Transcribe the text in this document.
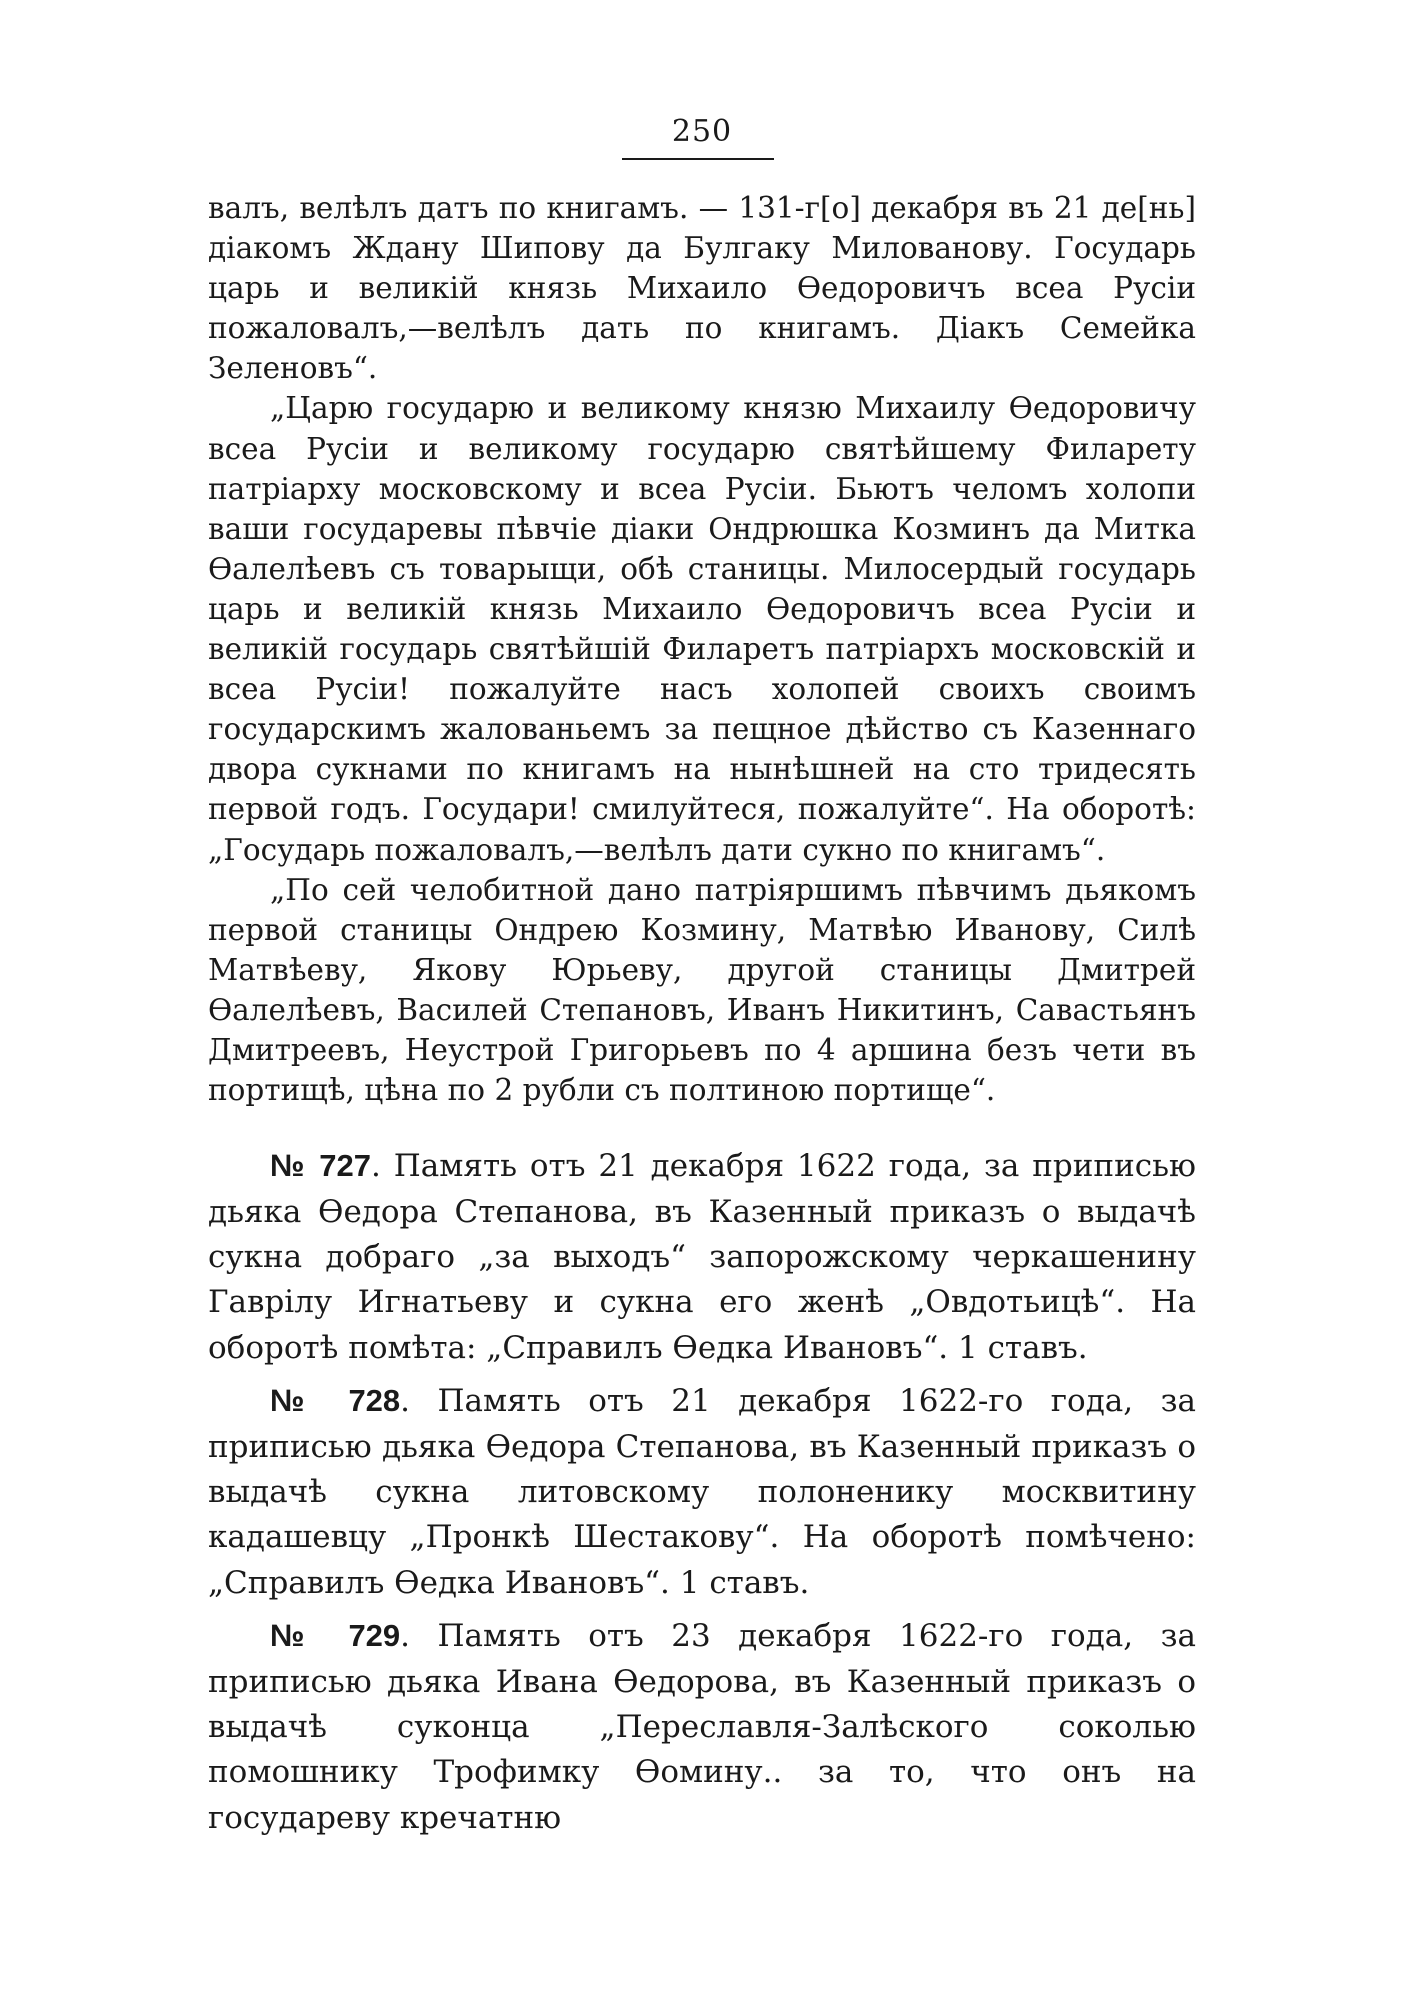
250

валъ, велѣлъ датъ по книгамъ. — 131-г[о] декабря въ 21 де[нь] діакомъ Ждану Шипову да Булгаку Милованову. Государь царь и великій князь Михаило Өедоровичъ всеа Русіи пожаловалъ,—велѣлъ дать по книгамъ. Діакъ Семейка Зеленовъ“.

„Царю государю и великому князю Михаилу Өедоровичу всеа Русіи и великому государю святѣйшему Филарету патріарху московскому и всеа Русіи. Бьютъ челомъ холопи ваши государевы пѣвчіе діаки Ондрюшка Козминъ да Митка Өалелѣевъ съ товарыщи, обѣ станицы. Милосердый государь царь и великій князь Михаило Өедоровичъ всеа Русіи и великій государь святѣйшій Филаретъ патріархъ московскій и всеа Русіи! пожалуйте насъ холопей своихъ своимъ государскимъ жалованьемъ за пещное дѣйство съ Казеннаго двора сукнами по книгамъ на нынѣшней на сто тридесять первой годъ. Государи! смилуйтеся, пожалуйте“. На оборотѣ: „Государь пожаловалъ,—велѣлъ дати сукно по книгамъ“.

„По сей челобитной дано патріяршимъ пѣвчимъ дьякомъ первой станицы Ондрею Козмину, Матвѣю Иванову, Силѣ Матвѣеву, Якову Юрьеву, другой станицы Дмитрей Өалелѣевъ, Василей Степановъ, Иванъ Никитинъ, Савастьянъ Дмитреевъ, Неустрой Григорьевъ по 4 аршина безъ чети въ портищѣ, цѣна по 2 рубли съ полтиною портище“.

№ 727. Память отъ 21 декабря 1622 года, за приписью дьяка Өедора Степанова, въ Казенный приказъ о выдачѣ сукна добраго „за выходъ“ запорожскому черкашенину Гаврілу Игнатьеву и сукна его женѣ „Овдотьицѣ“. На оборотѣ помѣта: „Справилъ Өедка Ивановъ“. 1 ставъ.

№ 728. Память отъ 21 декабря 1622-го года, за приписью дьяка Өедора Степанова, въ Казенный приказъ о выдачѣ сукна литовскому полоненику москвитину кадашевцу „Пронкѣ Шестакову“. На оборотѣ помѣчено: „Справилъ Өедка Ивановъ“. 1 ставъ.

№ 729. Память отъ 23 декабря 1622-го года, за приписью дьяка Ивана Өедорова, въ Казенный приказъ о выдачѣ суконца „Переславля-Залѣского соколью помошнику Трофимку Өомину.. за то, что онъ на государеву кречатню
